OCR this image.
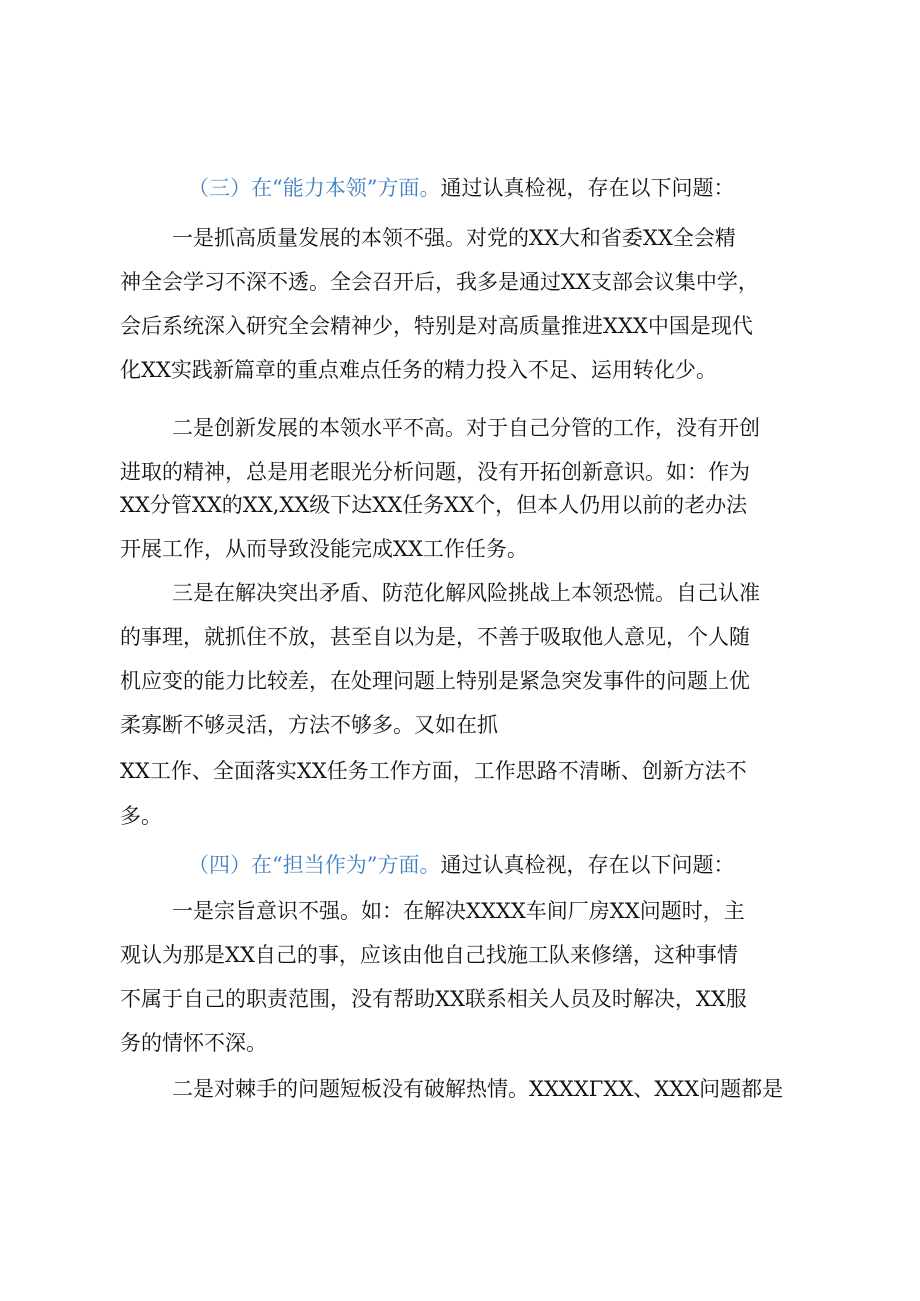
（三）在“能力本领”方面。通过认真检视，存在以下问题：
一是抓高质量发展的本领不强。对党的XX大和省委XX全会精
神全会学习不深不透。全会召开后，我多是通过XX支部会议集中学，
会后系统深入研究全会精神少，特别是对高质量推进XXX中国是现代
化XX实践新篇章的重点难点任务的精力投入不足、运用转化少。
二是创新发展的本领水平不高。对于自己分管的工作，没有开创
进取的精神，总是用老眼光分析问题，没有开拓创新意识。如：作为
XX分管XX的XX,XX级下达XX任务XX个，但本人仍用以前的老办法
开展工作，从而导致没能完成XX工作任务。
三是在解决突出矛盾、防范化解风险挑战上本领恐慌。自己认准
的事理，就抓住不放，甚至自以为是，不善于吸取他人意见，个人随
机应变的能力比较差，在处理问题上特别是紧急突发事件的问题上优
柔寡断不够灵活，方法不够多。又如在抓
XX工作、全面落实XX任务工作方面，工作思路不清晰、创新方法不
多。
（四）在“担当作为”方面。通过认真检视，存在以下问题：
一是宗旨意识不强。如：在解决XXXX车间厂房XX问题时，主
观认为那是XX自己的事，应该由他自己找施工队来修缮，这种事情
不属于自己的职责范围，没有帮助XX联系相关人员及时解决，XX服
务的情怀不深。
二是对棘手的问题短板没有破解热情。XXXXΓXX、XXX问题都是
